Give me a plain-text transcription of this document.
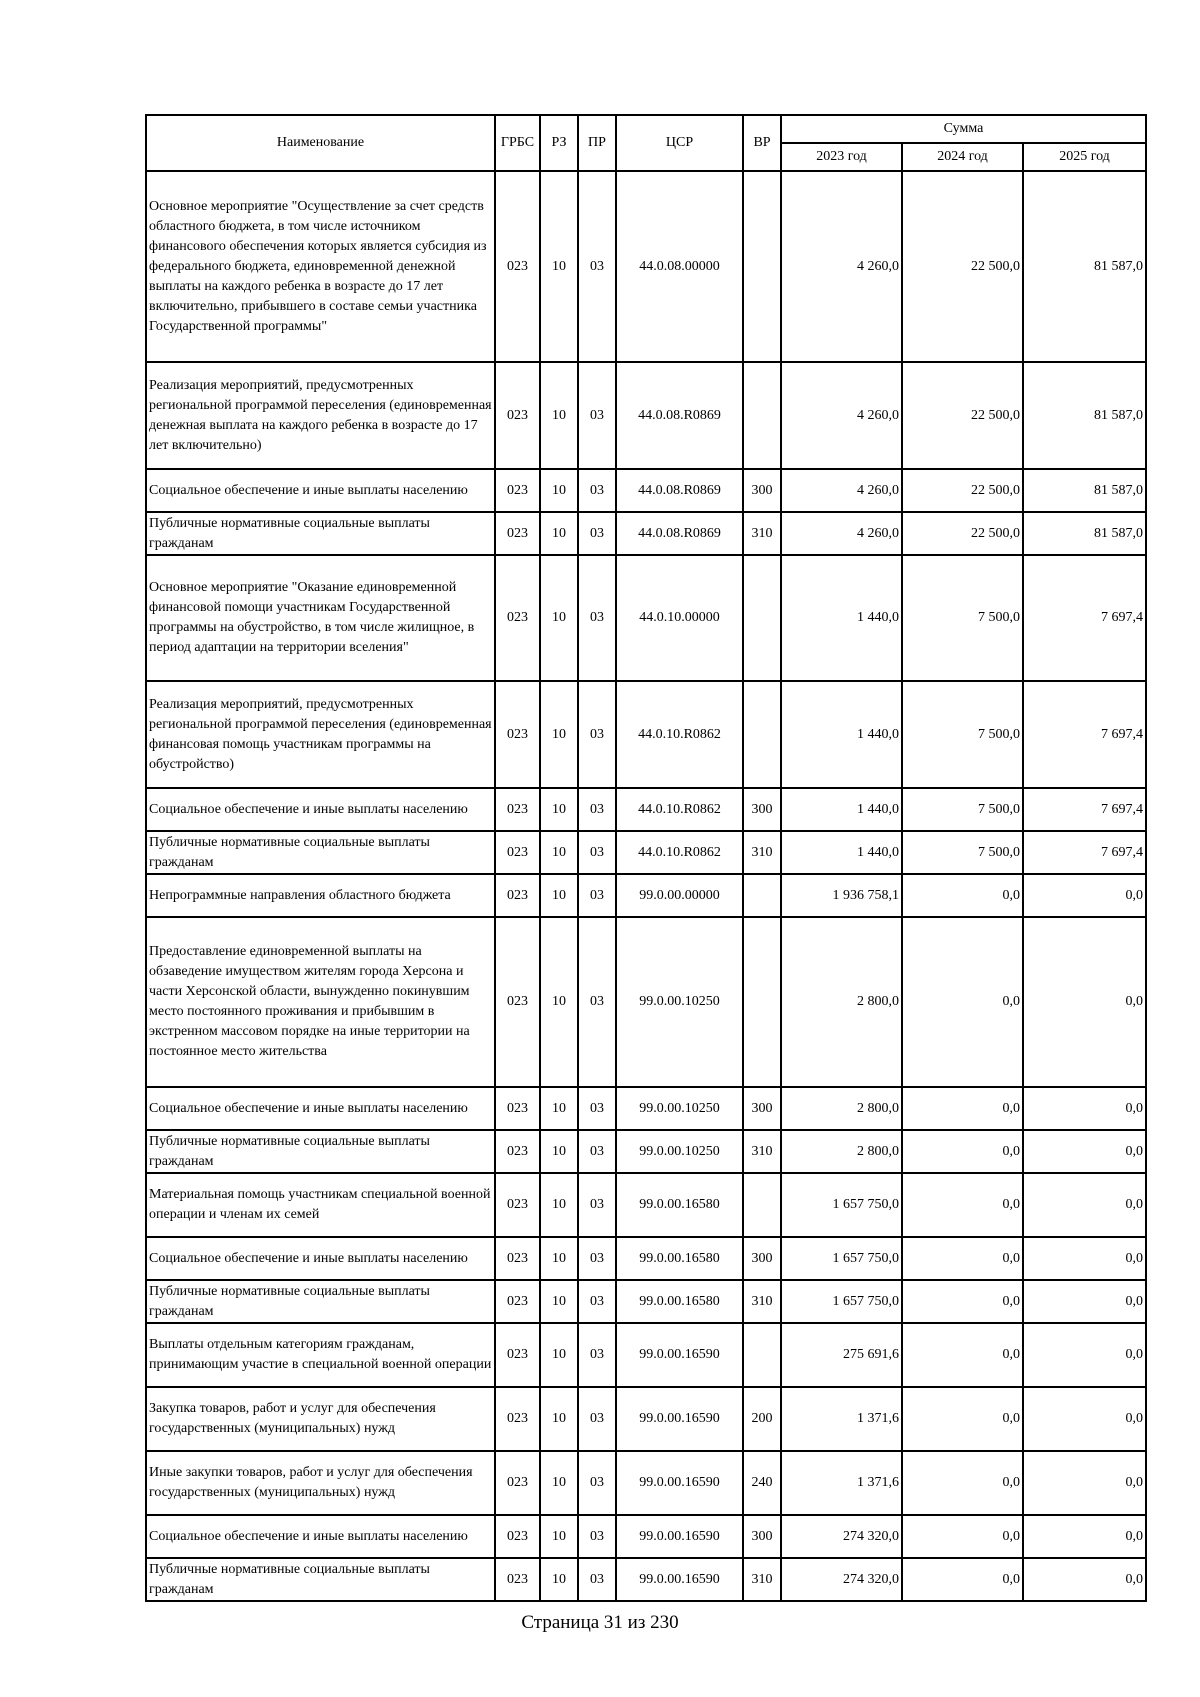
Наименование	ГРБС	РЗ	ПР	ЦСР	ВР	Сумма		
						2023 год	2024 год	2025 год
Основное мероприятие "Осуществление за счет средств областного бюджета, в том числе источником финансового обеспечения которых является субсидия из федерального бюджета, единовременной денежной выплаты на каждого ребенка в возрасте до 17 лет включительно, прибывшего в составе семьи участника Государственной программы"	023	10	03	44.0.08.00000		4 260,0	22 500,0	81 587,0
Реализация мероприятий, предусмотренных региональной программой переселения (единовременная денежная выплата на каждого ребенка в возрасте до 17 лет включительно)	023	10	03	44.0.08.R0869		4 260,0	22 500,0	81 587,0
Социальное обеспечение и иные выплаты населению	023	10	03	44.0.08.R0869	300	4 260,0	22 500,0	81 587,0
Публичные нормативные социальные выплаты гражданам	023	10	03	44.0.08.R0869	310	4 260,0	22 500,0	81 587,0
Основное мероприятие "Оказание единовременной финансовой помощи участникам Государственной программы на обустройство, в том числе жилищное, в период адаптации на территории вселения"	023	10	03	44.0.10.00000		1 440,0	7 500,0	7 697,4
Реализация мероприятий, предусмотренных региональной программой переселения (единовременная финансовая помощь участникам программы на обустройство)	023	10	03	44.0.10.R0862		1 440,0	7 500,0	7 697,4
Социальное обеспечение и иные выплаты населению	023	10	03	44.0.10.R0862	300	1 440,0	7 500,0	7 697,4
Публичные нормативные социальные выплаты гражданам	023	10	03	44.0.10.R0862	310	1 440,0	7 500,0	7 697,4
Непрограммные направления областного бюджета	023	10	03	99.0.00.00000		1 936 758,1	0,0	0,0
Предоставление единовременной выплаты на обзаведение имуществом жителям города Херсона и части Херсонской области, вынужденно покинувшим место постоянного проживания и прибывшим в экстренном массовом порядке на иные территории на постоянное место жительства	023	10	03	99.0.00.10250		2 800,0	0,0	0,0
Социальное обеспечение и иные выплаты населению	023	10	03	99.0.00.10250	300	2 800,0	0,0	0,0
Публичные нормативные социальные выплаты гражданам	023	10	03	99.0.00.10250	310	2 800,0	0,0	0,0
Материальная помощь участникам специальной военной операции и членам их семей	023	10	03	99.0.00.16580		1 657 750,0	0,0	0,0
Социальное обеспечение и иные выплаты населению	023	10	03	99.0.00.16580	300	1 657 750,0	0,0	0,0
Публичные нормативные социальные выплаты гражданам	023	10	03	99.0.00.16580	310	1 657 750,0	0,0	0,0
Выплаты отдельным категориям гражданам, принимающим участие в специальной военной операции	023	10	03	99.0.00.16590		275 691,6	0,0	0,0
Закупка товаров, работ и услуг для обеспечения государственных (муниципальных) нужд	023	10	03	99.0.00.16590	200	1 371,6	0,0	0,0
Иные закупки товаров, работ и услуг для обеспечения государственных (муниципальных) нужд	023	10	03	99.0.00.16590	240	1 371,6	0,0	0,0
Социальное обеспечение и иные выплаты населению	023	10	03	99.0.00.16590	300	274 320,0	0,0	0,0
Публичные нормативные социальные выплаты гражданам	023	10	03	99.0.00.16590	310	274 320,0	0,0	0,0
Страница 31 из 230
